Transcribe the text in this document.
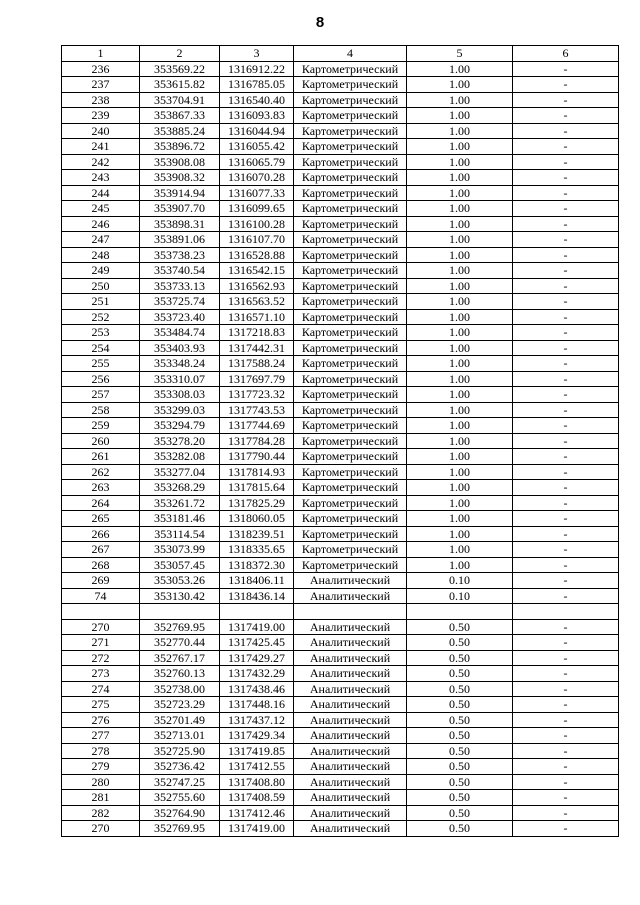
8
1	2	3	4	5	6
236	353569.22	1316912.22	Картометрический	1.00	-
237	353615.82	1316785.05	Картометрический	1.00	-
238	353704.91	1316540.40	Картометрический	1.00	-
239	353867.33	1316093.83	Картометрический	1.00	-
240	353885.24	1316044.94	Картометрический	1.00	-
241	353896.72	1316055.42	Картометрический	1.00	-
242	353908.08	1316065.79	Картометрический	1.00	-
243	353908.32	1316070.28	Картометрический	1.00	-
244	353914.94	1316077.33	Картометрический	1.00	-
245	353907.70	1316099.65	Картометрический	1.00	-
246	353898.31	1316100.28	Картометрический	1.00	-
247	353891.06	1316107.70	Картометрический	1.00	-
248	353738.23	1316528.88	Картометрический	1.00	-
249	353740.54	1316542.15	Картометрический	1.00	-
250	353733.13	1316562.93	Картометрический	1.00	-
251	353725.74	1316563.52	Картометрический	1.00	-
252	353723.40	1316571.10	Картометрический	1.00	-
253	353484.74	1317218.83	Картометрический	1.00	-
254	353403.93	1317442.31	Картометрический	1.00	-
255	353348.24	1317588.24	Картометрический	1.00	-
256	353310.07	1317697.79	Картометрический	1.00	-
257	353308.03	1317723.32	Картометрический	1.00	-
258	353299.03	1317743.53	Картометрический	1.00	-
259	353294.79	1317744.69	Картометрический	1.00	-
260	353278.20	1317784.28	Картометрический	1.00	-
261	353282.08	1317790.44	Картометрический	1.00	-
262	353277.04	1317814.93	Картометрический	1.00	-
263	353268.29	1317815.64	Картометрический	1.00	-
264	353261.72	1317825.29	Картометрический	1.00	-
265	353181.46	1318060.05	Картометрический	1.00	-
266	353114.54	1318239.51	Картометрический	1.00	-
267	353073.99	1318335.65	Картометрический	1.00	-
268	353057.45	1318372.30	Картометрический	1.00	-
269	353053.26	1318406.11	Аналитический	0.10	-
74	353130.42	1318436.14	Аналитический	0.10	-

270	352769.95	1317419.00	Аналитический	0.50	-
271	352770.44	1317425.45	Аналитический	0.50	-
272	352767.17	1317429.27	Аналитический	0.50	-
273	352760.13	1317432.29	Аналитический	0.50	-
274	352738.00	1317438.46	Аналитический	0.50	-
275	352723.29	1317448.16	Аналитический	0.50	-
276	352701.49	1317437.12	Аналитический	0.50	-
277	352713.01	1317429.34	Аналитический	0.50	-
278	352725.90	1317419.85	Аналитический	0.50	-
279	352736.42	1317412.55	Аналитический	0.50	-
280	352747.25	1317408.80	Аналитический	0.50	-
281	352755.60	1317408.59	Аналитический	0.50	-
282	352764.90	1317412.46	Аналитический	0.50	-
270	352769.95	1317419.00	Аналитический	0.50	-
